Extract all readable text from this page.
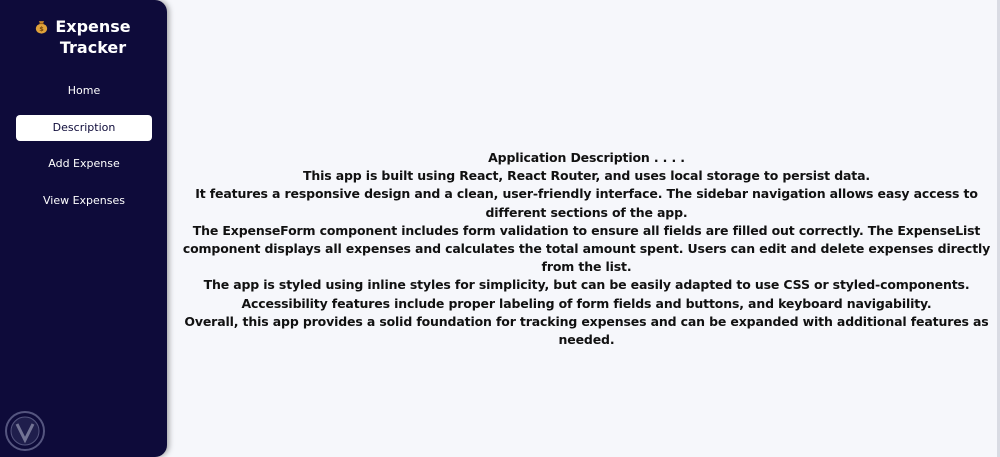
$ Expense Tracker
Home
Description
Add Expense
View Expenses

Application Description . . . .

This app is built using React, React Router, and uses local storage to persist data.

It features a responsive design and a clean, user-friendly interface. The sidebar navigation allows easy access to different sections of the app.

The ExpenseForm component includes form validation to ensure all fields are filled out correctly. The ExpenseList component displays all expenses and calculates the total amount spent. Users can edit and delete expenses directly from the list.

The app is styled using inline styles for simplicity, but can be easily adapted to use CSS or styled-components. Accessibility features include proper labeling of form fields and buttons, and keyboard navigability.

Overall, this app provides a solid foundation for tracking expenses and can be expanded with additional features as needed.
